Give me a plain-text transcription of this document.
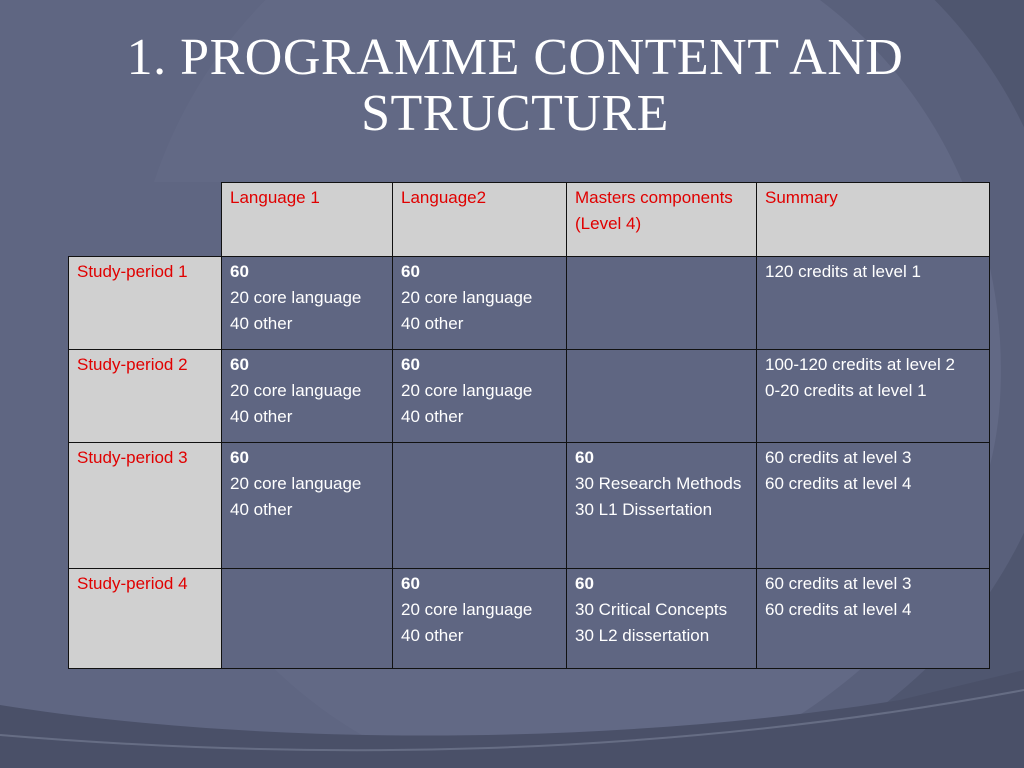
1. PROGRAMME CONTENT AND
STRUCTURE

	Language 1	Language2	Masters components
(Level 4)	Summary

Study-period 1	60
20 core language
40 other	60
20 core language
40 other		120 credits at level 1

Study-period 2	60
20 core language
40 other	60
20 core language
40 other		100-120 credits at level 2
0-20 credits at level 1

Study-period 3	60
20 core language
40 other		60
30 Research Methods
30 L1 Dissertation	60 credits at level 3
60 credits at level 4

Study-period 4		60
20 core language
40 other	60
30 Critical Concepts
30 L2 dissertation	60 credits at level 3
60 credits at level 4
